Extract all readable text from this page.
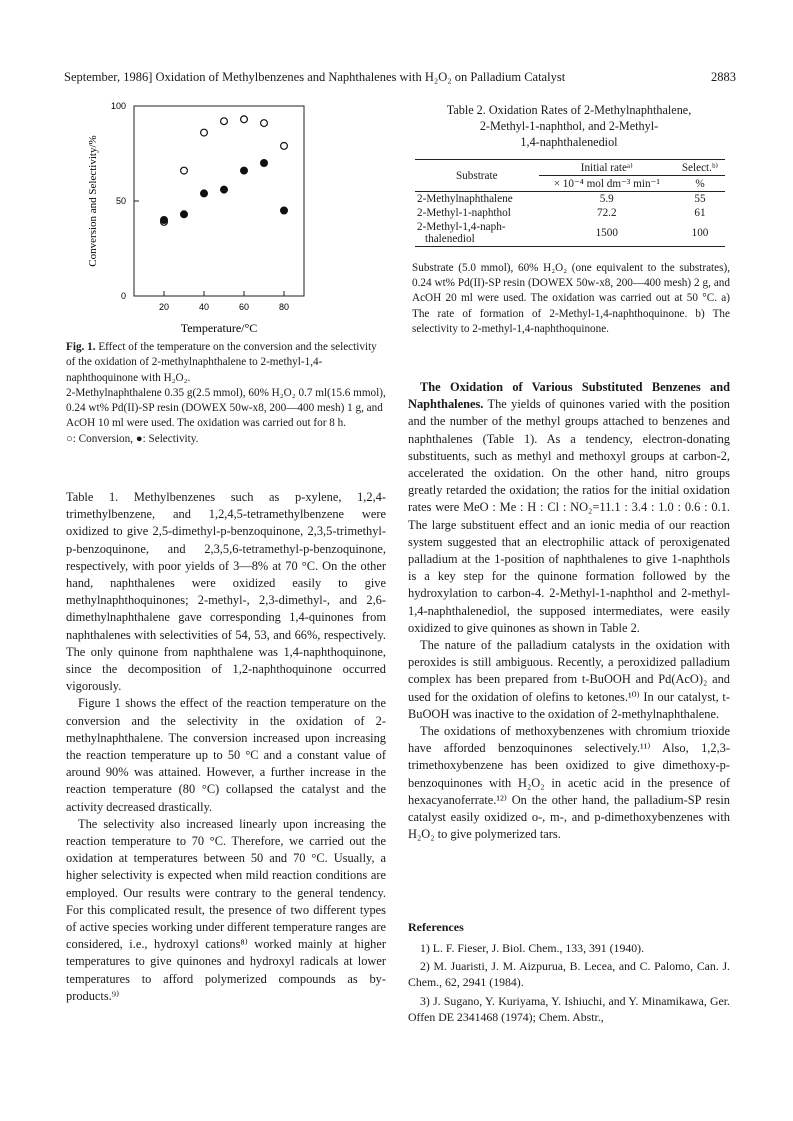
September, 1986] Oxidation of Methylbenzenes and Naphthalenes with H₂O₂ on Palladium Catalyst	2883
0
50
100
20	40	60	80
Temperature/°C
Conversion and Selectivity/%

Fig. 1. Effect of the temperature on the conversion and the selectivity of the oxidation of 2-methylnaphthalene to 2-methyl-1,4-naphthoquinone with H₂O₂.

2-Methylnaphthalene 0.35 g(2.5 mmol), 60% H₂O₂ 0.7 ml(15.6 mmol), 0.24 wt% Pd(II)-SP resin (DOWEX 50w-x8, 200—400 mesh) 1 g, and AcOH 10 ml were used. The oxidation was carried out for 8 h.

○: Conversion, ●: Selectivity.

Table 1. Methylbenzenes such as p-xylene, 1,2,4-trimethylbenzene, and 1,2,4,5-tetramethylbenzene were oxidized to give 2,5-dimethyl-p-benzoquinone, 2,3,5-trimethyl-p-benzoquinone, and 2,3,5,6-tetramethyl-p-benzoquinone, respectively, with poor yields of 3—8% at 70 °C. On the other hand, naphthalenes were oxidized easily to give methylnaphthoquinones; 2-methyl-, 2,3-dimethyl-, and 2,6-dimethylnaphthalene gave corresponding 1,4-quinones from naphthalenes with selectivities of 54, 53, and 66%, respectively. The only quinone from naphthalene was 1,4-naphthoquinone, since the decomposition of 1,2-naphthoquinone occurred vigorously.

Figure 1 shows the effect of the reaction temperature on the conversion and the selectivity in the oxidation of 2-methylnaphthalene. The conversion increased upon increasing the reaction temperature up to 50 °C and a constant value of around 90% was attained. However, a further increase in the reaction temperature (80 °C) collapsed the catalyst and the activity decreased drastically.

The selectivity also increased linearly upon increasing the reaction temperature to 70 °C. Therefore, we carried out the oxidation at temperatures between 50 and 70 °C. Usually, a higher selectivity is expected when mild reaction conditions are employed. Our results were contrary to the general tendency. For this complicated result, the presence of two different types of active species working under different temperature ranges are considered, i.e., hydroxyl cations⁸⁾ worked mainly at higher temperatures to give quinones and hydroxyl radicals at lower temperatures to afford polymerized compounds as by-products.⁹⁾

Table 2. Oxidation Rates of 2-Methylnaphthalene,
2-Methyl-1-naphthol, and 2-Methyl-
1,4-naphthalenediol
Substrate	Initial rateᵃ⁾	Select.ᵇ⁾
	× 10⁻⁴ mol dm⁻³ min⁻¹	%
2-Methylnaphthalene	5.9	55
2-Methyl-1-naphthol	72.2	61
2-Methyl-1,4-naph-
thalenediol	1500	100
Substrate (5.0 mmol), 60% H₂O₂ (one equivalent to the substrates), 0.24 wt% Pd(II)-SP resin (DOWEX 50w-x8, 200—400 mesh) 2 g, and AcOH 20 ml were used. The oxidation was carried out at 50 °C. a) The rate of formation of 2-Methyl-1,4-naphthoquinone. b) The selectivity to 2-methyl-1,4-naphthoquinone.

The Oxidation of Various Substituted Benzenes and Naphthalenes. The yields of quinones varied with the position and the number of the methyl groups attached to benzenes and naphthalenes (Table 1). As a tendency, electron-donating substituents, such as methyl and methoxyl groups at carbon-2, accelerated the oxidation. On the other hand, nitro groups greatly retarded the oxidation; the ratios for the initial oxidation rates were MeO : Me : H : Cl : NO₂=11.1 : 3.4 : 1.0 : 0.6 : 0.1. The large substituent effect and an ionic media of our reaction system suggested that an electrophilic attack of peroxigenated palladium at the 1-position of naphthalenes to give 1-naphthols is a key step for the quinone formation followed by the hydroxylation to carbon-4. 2-Methyl-1-naphthol and 2-methyl-1,4-naphthalenediol, the supposed intermediates, were easily oxidized to give quinones as shown in Table 2.

The nature of the palladium catalysts in the oxidation with peroxides is still ambiguous. Recently, a peroxidized palladium complex has been prepared from t-BuOOH and Pd(AcO)₂ and used for the oxidation of olefins to ketones.¹⁰⁾ In our catalyst, t-BuOOH was inactive to the oxidation of 2-methylnaphthalene.

The oxidations of methoxybenzenes with chromium trioxide have afforded benzoquinones selectively.¹¹⁾ Also, 1,2,3-trimethoxybenzene has been oxidized to give dimethoxy-p-benzoquinones with H₂O₂ in acetic acid in the presence of hexacyanoferrate.¹²⁾ On the other hand, the palladium-SP resin catalyst easily oxidized o-, m-, and p-dimethoxybenzenes with H₂O₂ to give polymerized tars.

References

1) L. F. Fieser, J. Biol. Chem., 133, 391 (1940).

2) M. Juaristi, J. M. Aizpurua, B. Lecea, and C. Palomo, Can. J. Chem., 62, 2941 (1984).

3) J. Sugano, Y. Kuriyama, Y. Ishiuchi, and Y. Minamikawa, Ger. Offen DE 2341468 (1974); Chem. Abstr.,
